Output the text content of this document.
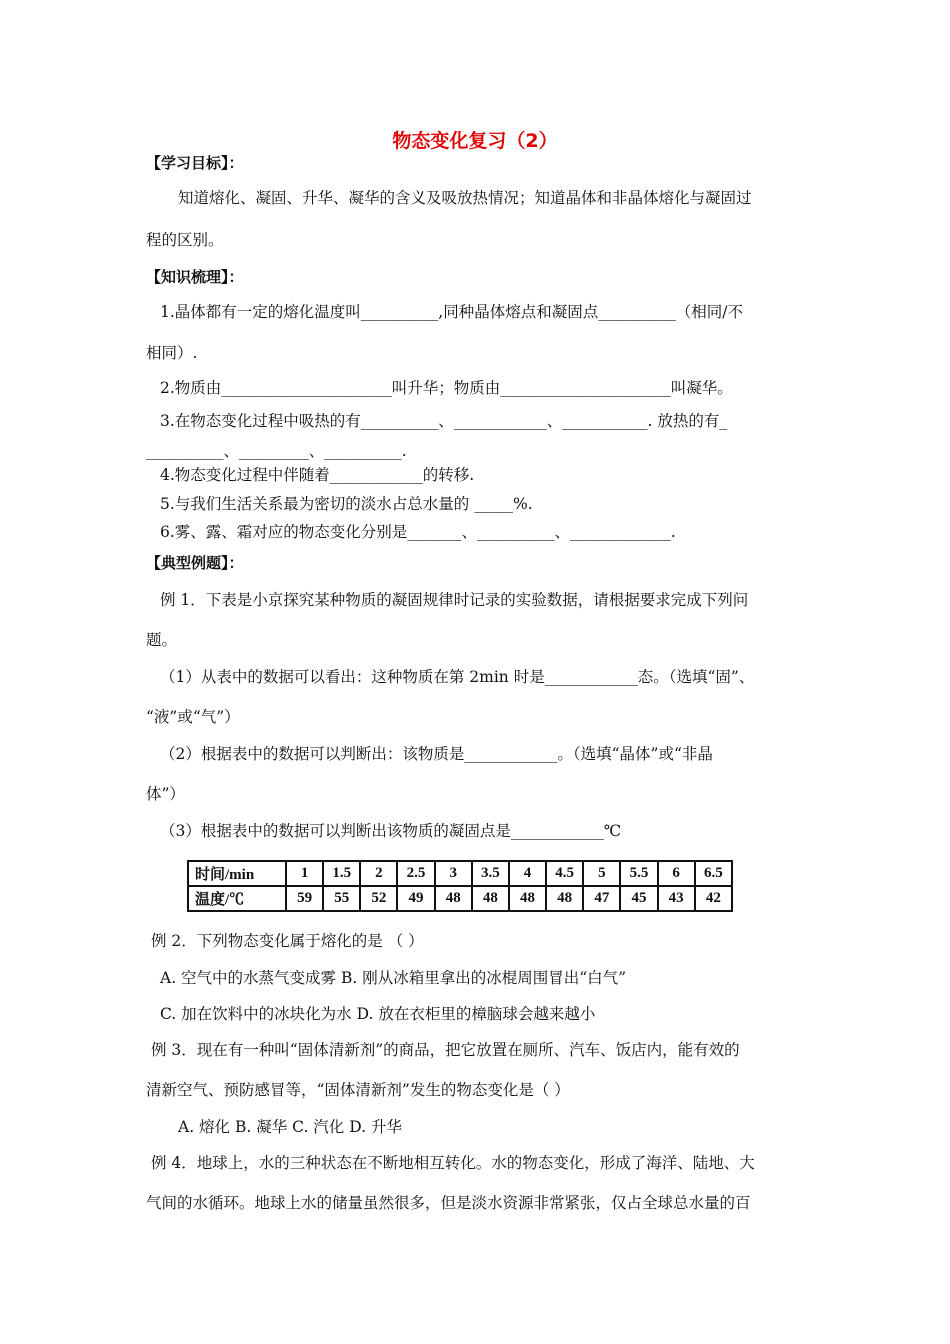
物态变化复习（2）
【学习目标】：
知道熔化、凝固、升华、凝华的含义及吸放热情况；知道晶体和非晶体熔化与凝固过
程的区别。
【知识梳理】：
1.晶体都有一定的熔化温度叫__________,同种晶体熔点和凝固点__________（相同/不
相同）.
2.物质由______________________叫升华；物质由______________________叫凝华。
3.在物态变化过程中吸热的有__________、____________、___________. 放热的有_
__________、_________、__________.
4.物态变化过程中伴随着____________的转移.
5.与我们生活关系最为密切的淡水占总水量的 _____%.
6.雾、露、霜对应的物态变化分别是_______、__________、_____________.
【典型例题】：
例 1．下表是小京探究某种物质的凝固规律时记录的实验数据，请根据要求完成下列问
题。
（1）从表中的数据可以看出：这种物质在第 2min 时是____________态。（选填“固”、
“液”或“气”）
（2）根据表中的数据可以判断出：该物质是____________。（选填“晶体”或“非晶
体”）
（3）根据表中的数据可以判断出该物质的凝固点是____________℃
时间/min	1	1.5	2	2.5	3	3.5	4	4.5	5	5.5	6	6.5
温度/℃	59	55	52	49	48	48	48	48	47	45	43	42
例 2．下列物态变化属于熔化的是 （ ）
A. 空气中的水蒸气变成雾 B. 刚从冰箱里拿出的冰棍周围冒出“白气”
C. 加在饮料中的冰块化为水 D. 放在衣柜里的樟脑球会越来越小
例 3．现在有一种叫“固体清新剂”的商品，把它放置在厕所、汽车、饭店内，能有效的
清新空气、预防感冒等，“固体清新剂”发生的物态变化是（ ）
A. 熔化 B. 凝华 C. 汽化 D. 升华
例 4．地球上，水的三种状态在不断地相互转化。水的物态变化，形成了海洋、陆地、大
气间的水循环。地球上水的储量虽然很多，但是淡水资源非常紧张，仅占全球总水量的百
